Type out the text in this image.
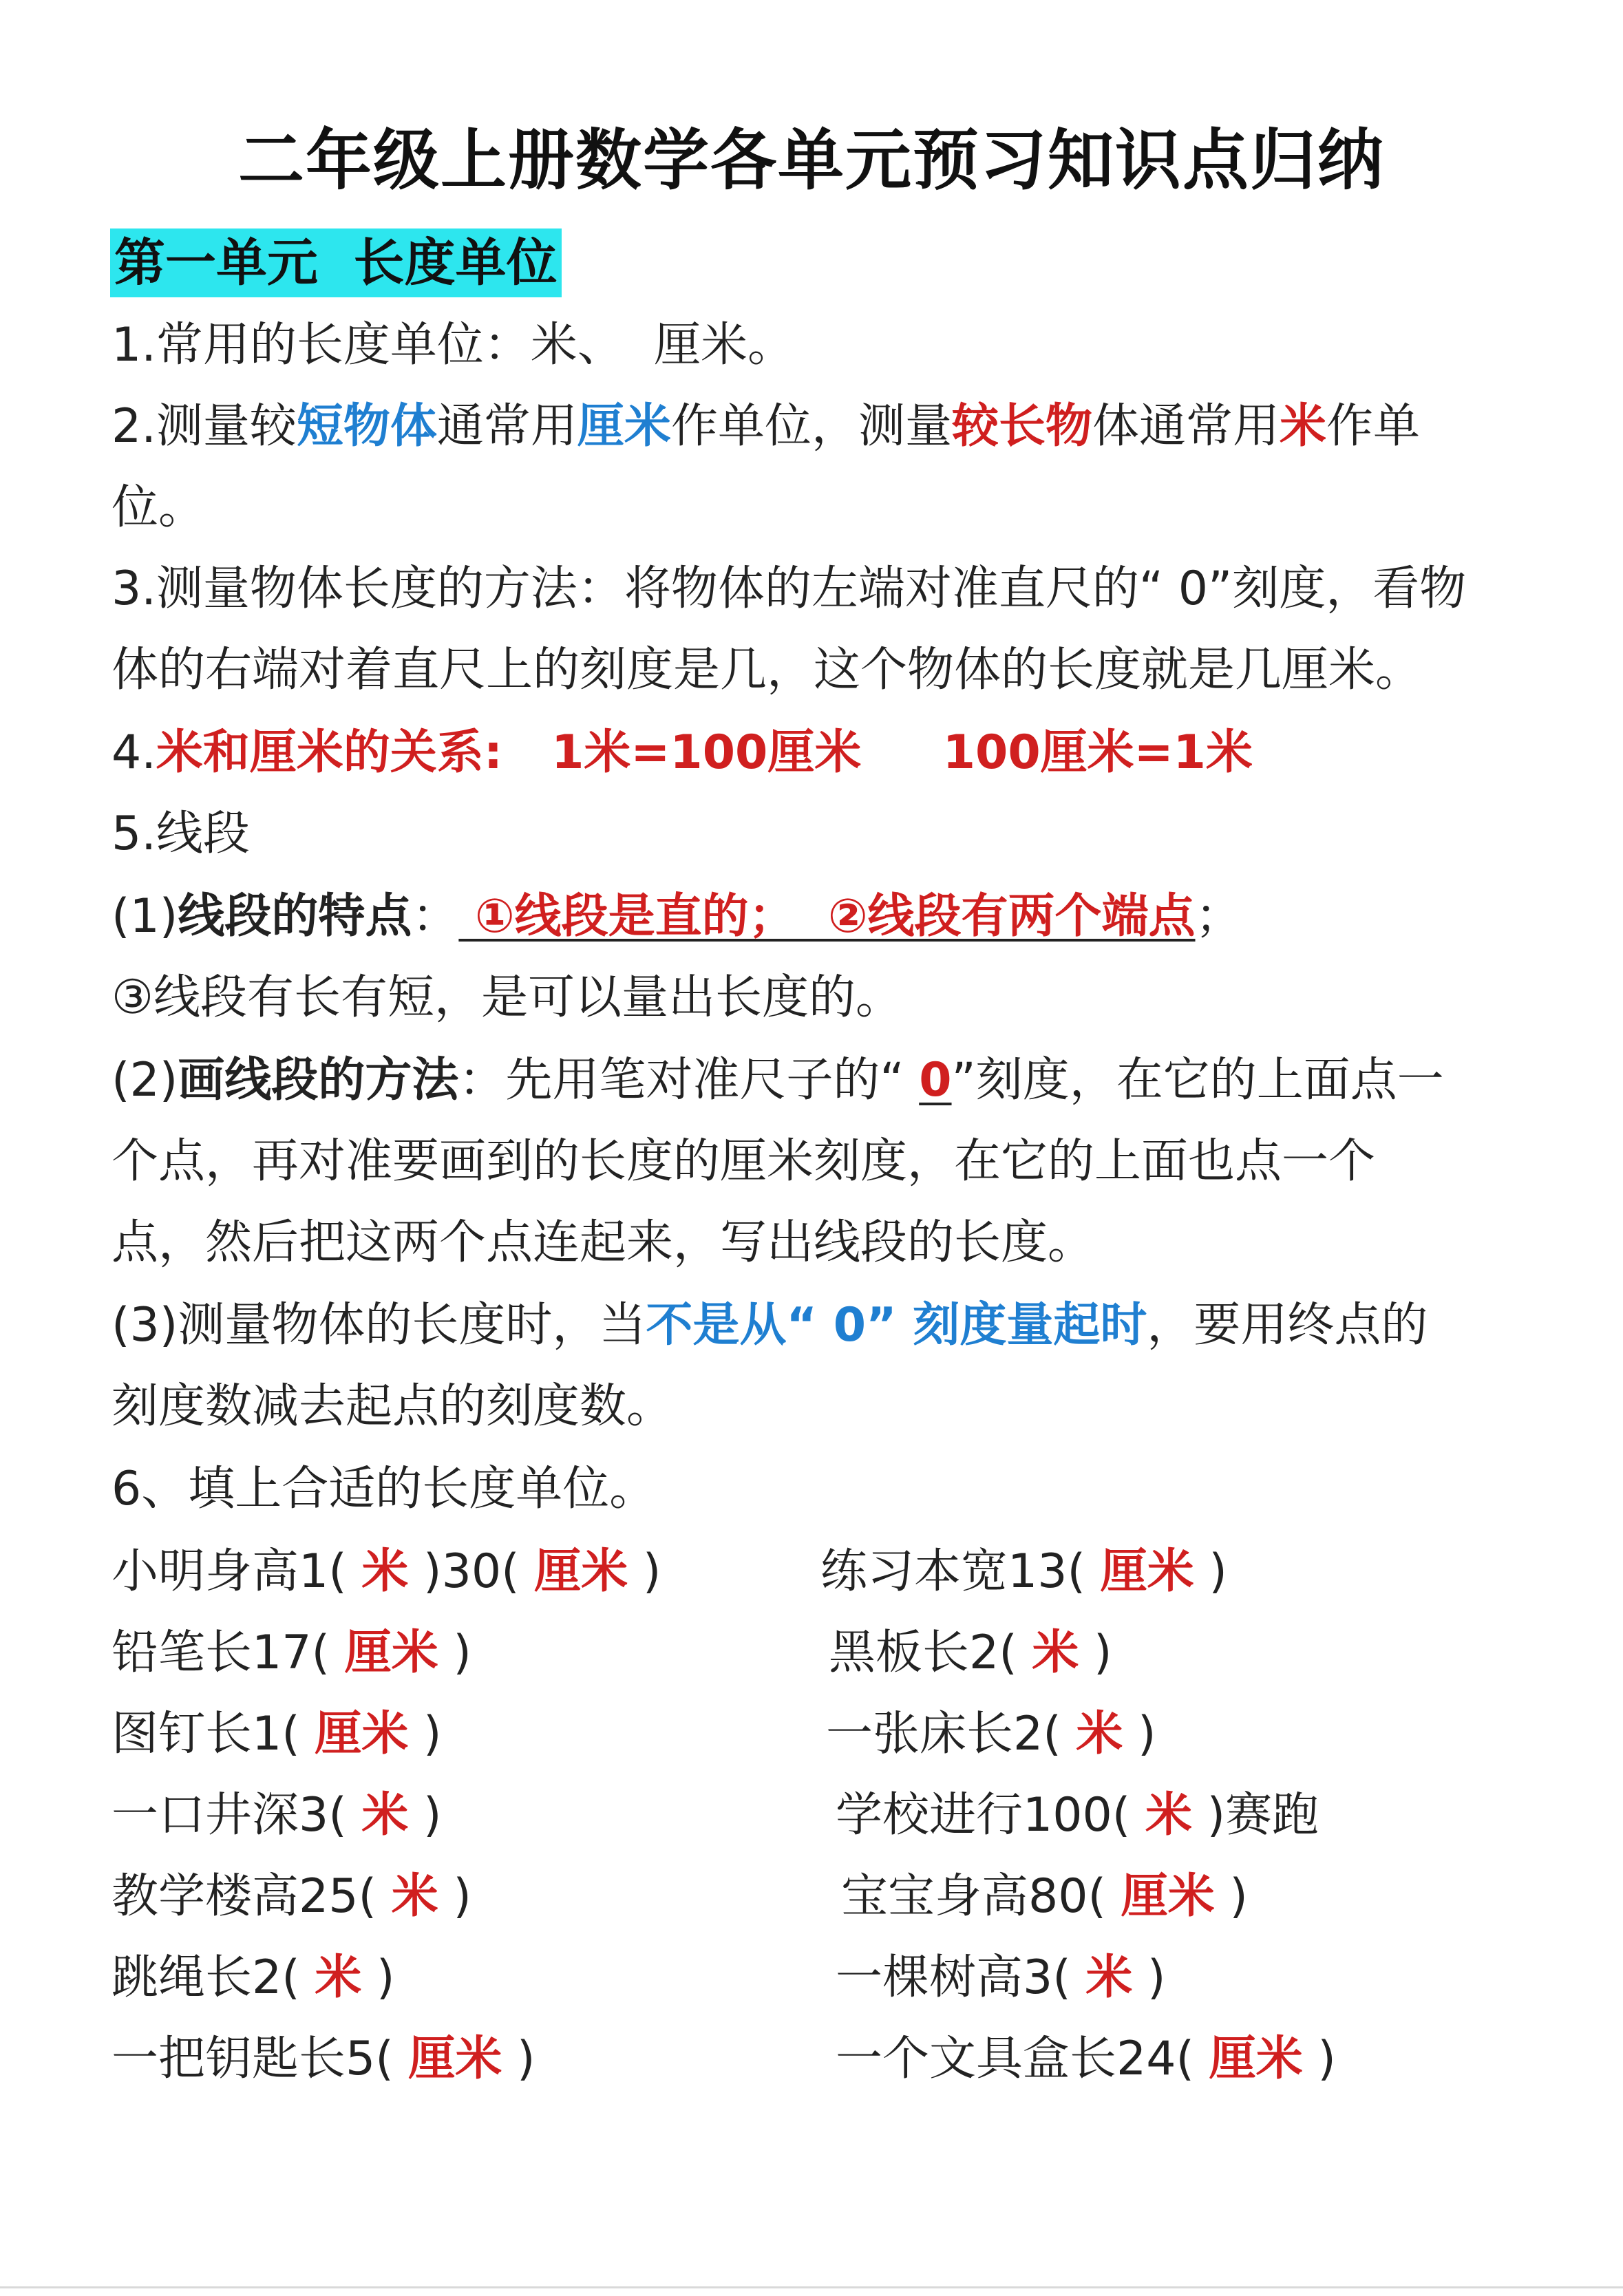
二年级上册数学各单元预习知识点归纳
第一单元  长度单位
1.常用的长度单位：米、  厘米。
2.测量较短物体通常用厘米作单位，测量较长物体通常用米作单
位。
3.测量物体长度的方法：将物体的左端对准直尺的“ 0”刻度，看物
体的右端对着直尺上的刻度是几，这个物体的长度就是几厘米。
4.米和厘米的关系:   1米=100厘米     100厘米=1米
5.线段
(1)线段的特点： ①线段是直的；  ②线段有两个端点；
③线段有长有短，是可以量出长度的。
(2)画线段的方法：先用笔对准尺子的“ 0”刻度，在它的上面点一
个点，再对准要画到的长度的厘米刻度，在它的上面也点一个
点，然后把这两个点连起来，写出线段的长度。
(3)测量物体的长度时，当不是从“ 0” 刻度量起时，要用终点的
刻度数减去起点的刻度数。
6、填上合适的长度单位。
小明身高1( 米 )30( 厘米 )	练习本宽13( 厘米 )
铅笔长17( 厘米 )	黑板长2( 米 )
图钉长1( 厘米 )	一张床长2( 米 )
一口井深3( 米 )	学校进行100( 米 )赛跑
教学楼高25( 米 )	宝宝身高80( 厘米 )
跳绳长2( 米 )	一棵树高3( 米 )
一把钥匙长5( 厘米 )	一个文具盒长24( 厘米 )
